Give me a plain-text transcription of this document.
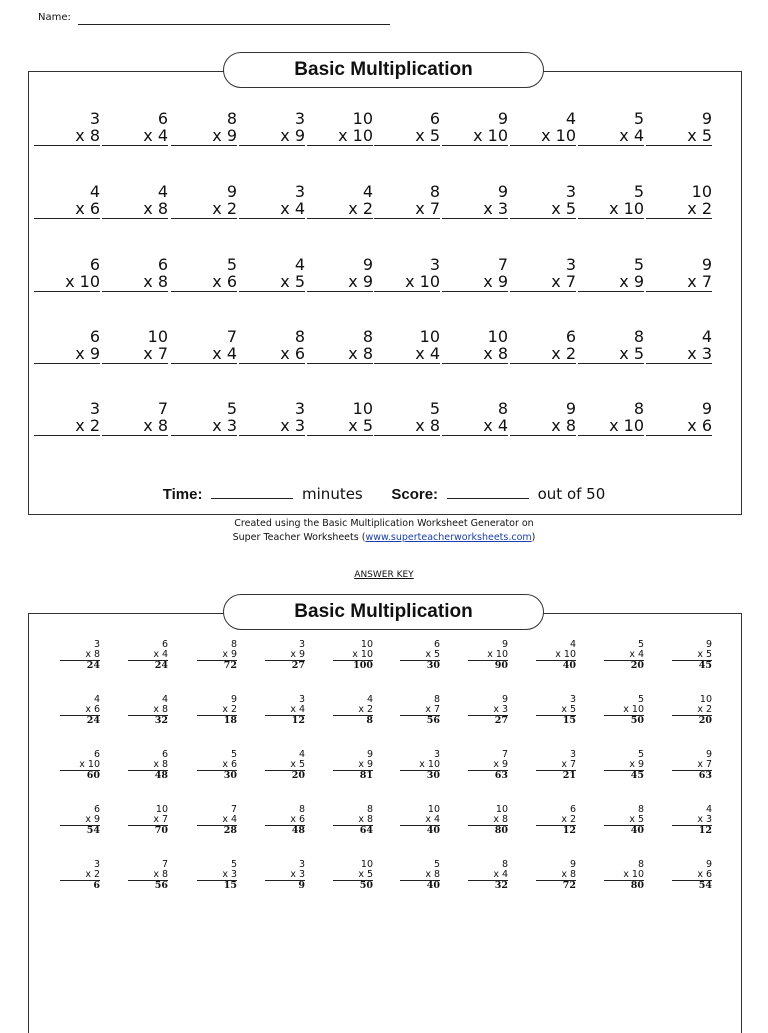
Name:
Basic Multiplication
3
x 8
6
x 4
8
x 9
3
x 9
10
x 10
6
x 5
9
x 10
4
x 10
5
x 4
9
x 5
4
x 6
4
x 8
9
x 2
3
x 4
4
x 2
8
x 7
9
x 3
3
x 5
5
x 10
10
x 2
6
x 10
6
x 8
5
x 6
4
x 5
9
x 9
3
x 10
7
x 9
3
x 7
5
x 9
9
x 7
6
x 9
10
x 7
7
x 4
8
x 6
8
x 8
10
x 4
10
x 8
6
x 2
8
x 5
4
x 3
3
x 2
7
x 8
5
x 3
3
x 3
10
x 5
5
x 8
8
x 4
9
x 8
8
x 10
9
x 6
Time:	minutes Score:	out of 50
Created using the Basic Multiplication Worksheet Generator on
Super Teacher Worksheets (www.superteacherworksheets.com)
ANSWER KEY
Basic Multiplication
3
x 8
24
6
x 4
24
8
x 9
72
3
x 9
27
10
x 10
100
6
x 5
30
9
x 10
90
4
x 10
40
5
x 4
20
9
x 5
45
4
x 6
24
4
x 8
32
9
x 2
18
3
x 4
12
4
x 2
8
8
x 7
56
9
x 3
27
3
x 5
15
5
x 10
50
10
x 2
20
6
x 10
60
6
x 8
48
5
x 6
30
4
x 5
20
9
x 9
81
3
x 10
30
7
x 9
63
3
x 7
21
5
x 9
45
9
x 7
63
6
x 9
54
10
x 7
70
7
x 4
28
8
x 6
48
8
x 8
64
10
x 4
40
10
x 8
80
6
x 2
12
8
x 5
40
4
x 3
12
3
x 2
6
7
x 8
56
5
x 3
15
3
x 3
9
10
x 5
50
5
x 8
40
8
x 4
32
9
x 8
72
8
x 10
80
9
x 6
54
